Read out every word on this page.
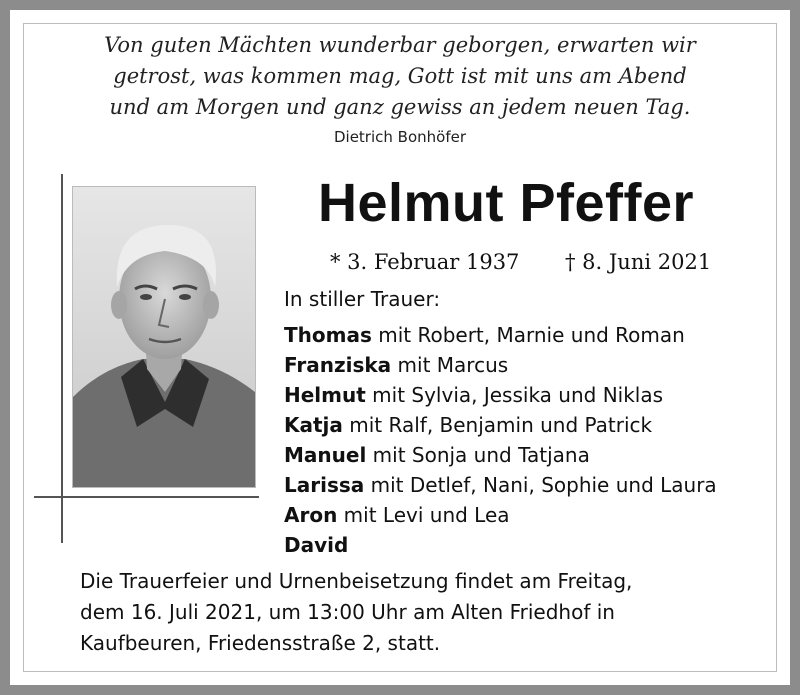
Von guten Mächten wunderbar geborgen, erwarten wir
getrost, was kommen mag, Gott ist mit uns am Abend
und am Morgen und ganz gewiss an jedem neuen Tag.
Dietrich Bonhöfer
Helmut Pfeffer
* 3. Februar 1937 † 8. Juni 2021
In stiller Trauer:
Thomas mit Robert, Marnie und Roman
Franziska mit Marcus
Helmut mit Sylvia, Jessika und Niklas
Katja mit Ralf, Benjamin und Patrick
Manuel mit Sonja und Tatjana
Larissa mit Detlef, Nani, Sophie und Laura
Aron mit Levi und Lea
David
Die Trauerfeier und Urnenbeisetzung findet am Freitag,
dem 16. Juli 2021, um 13:00 Uhr am Alten Friedhof in
Kaufbeuren, Friedensstraße 2, statt.
